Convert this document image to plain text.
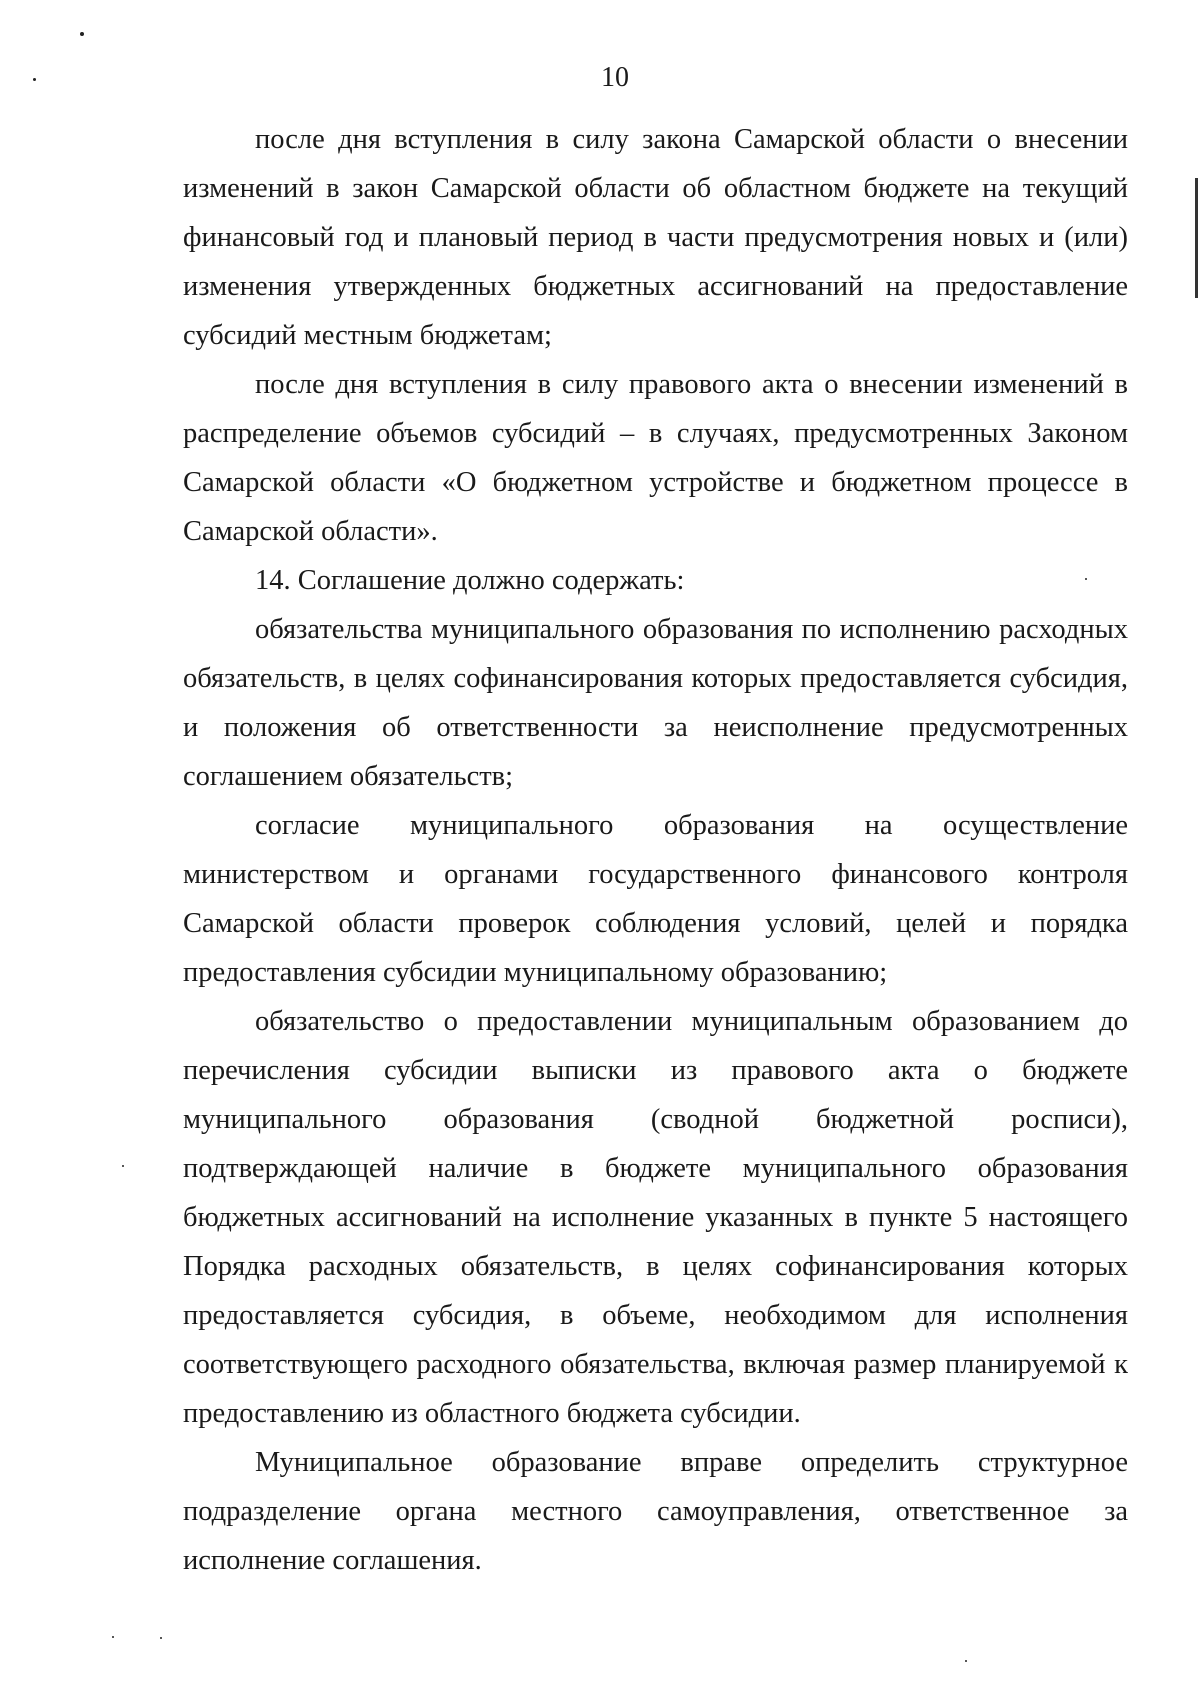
10

после дня вступления в силу закона Самарской области о внесении изменений в закон Самарской области об областном бюджете на текущий финансовый год и плановый период в части предусмотрения новых и (или) изменения утвержденных бюджетных ассигнований на предоставление субсидий местным бюджетам;

после дня вступления в силу правового акта о внесении изменений в распределение объемов субсидий – в случаях, предусмотренных Законом Самарской области «О бюджетном устройстве и бюджетном процессе в Самарской области».

14. Соглашение должно содержать:

обязательства муниципального образования по исполнению расходных обязательств, в целях софинансирования которых предоставляется субсидия, и положения об ответственности за неисполнение предусмотренных соглашением обязательств;

согласие муниципального образования на осуществление министерством и органами государственного финансового контроля Самарской области проверок соблюдения условий, целей и порядка предоставления субсидии муниципальному образованию;

обязательство о предоставлении муниципальным образованием до перечисления субсидии выписки из правового акта о бюджете муниципального образования (сводной бюджетной росписи), подтверждающей наличие в бюджете муниципального образования бюджетных ассигнований на исполнение указанных в пункте 5 настоящего Порядка расходных обязательств, в целях софинансирования которых предоставляется субсидия, в объеме, необходимом для исполнения соответствующего расходного обязательства, включая размер планируемой к предоставлению из областного бюджета субсидии.

Муниципальное образование вправе определить структурное подразделение органа местного самоуправления, ответственное за исполнение соглашения.
